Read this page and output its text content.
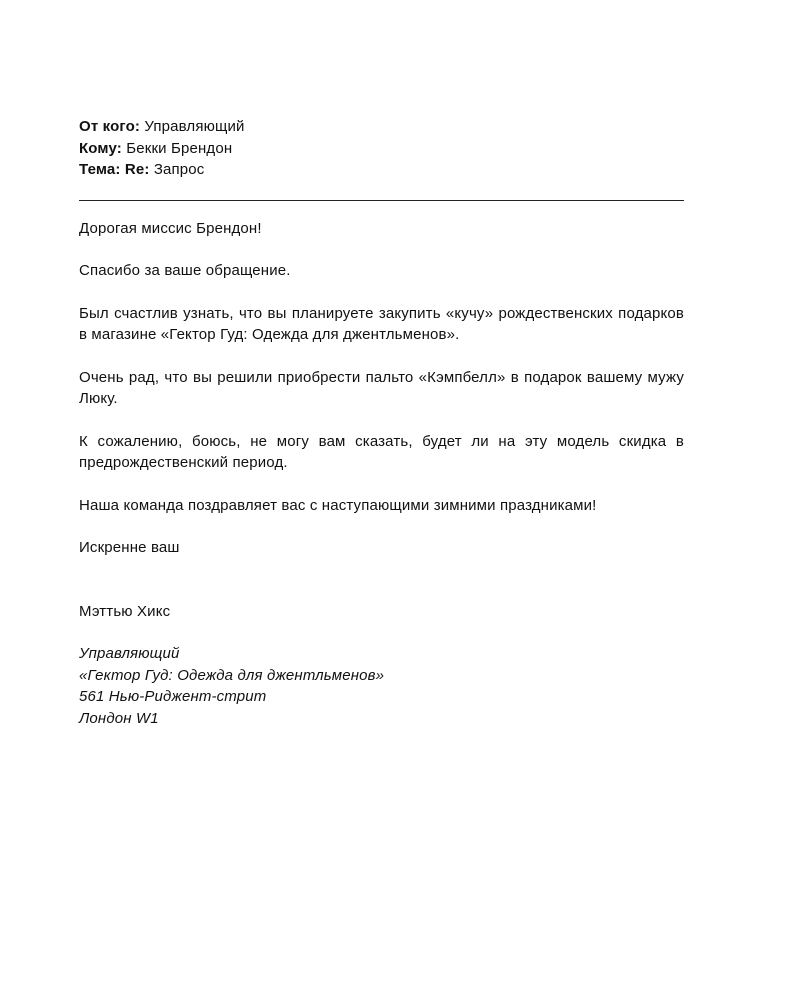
От кого: Управляющий

Кому: Бекки Брендон

Тема: Re: Запрос

Дорогая миссис Брендон!

Спасибо за ваше обращение.

Был счастлив узнать, что вы планируете закупить «кучу» рождественских подарков в магазине «Гектор Гуд: Одежда для джентльменов».

Очень рад, что вы решили приобрести пальто «Кэмпбелл» в подарок вашему мужу Люку.

К сожалению, боюсь, не могу вам сказать, будет ли на эту модель скидка в предрождественский период.

Наша команда поздравляет вас с наступающими зимними праздниками!

Искренне ваш

Мэттью Хикс

Управляющий
«Гектор Гуд: Одежда для джентльменов»
561 Нью-Риджент-стрит
Лондон W1
